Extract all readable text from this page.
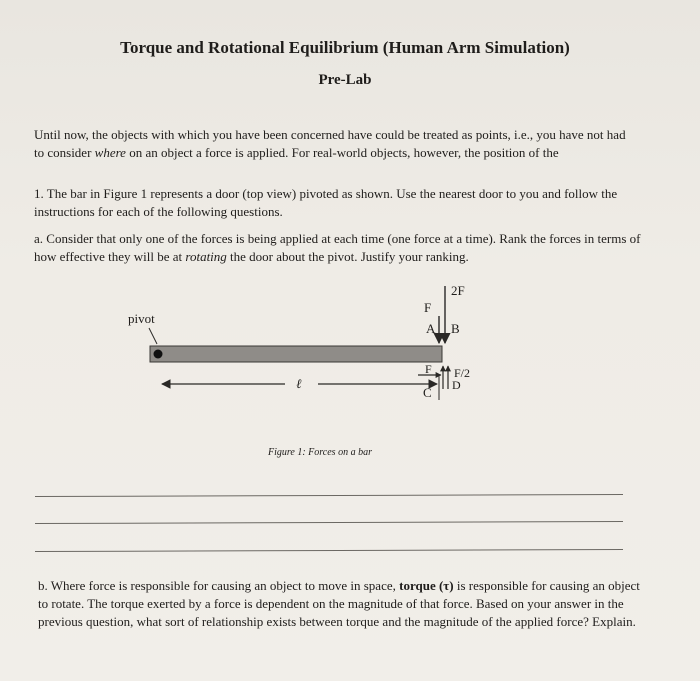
Torque and Rotational Equilibrium (Human Arm Simulation)
Pre-Lab
Until now, the objects with which you have been concerned have could be treated as points, i.e., you have not had to consider where on an object a force is applied. For real-world objects, however, the position of the
1. The bar in Figure 1 represents a door (top view) pivoted as shown. Use the nearest door to you and follow the instructions for each of the following questions.
a. Consider that only one of the forces is being applied at each time (one force at a time). Rank the forces in terms of how effective they will be at rotating the door about the pivot. Justify your ranking.
pivot
ℓ
F
A
2F
B
F
C
F/2
D
Figure 1: Forces on a bar
b. Where force is responsible for causing an object to move in space, torque (τ) is responsible for causing an object to rotate. The torque exerted by a force is dependent on the magnitude of that force. Based on your answer in the previous question, what sort of relationship exists between torque and the magnitude of the applied force? Explain.
